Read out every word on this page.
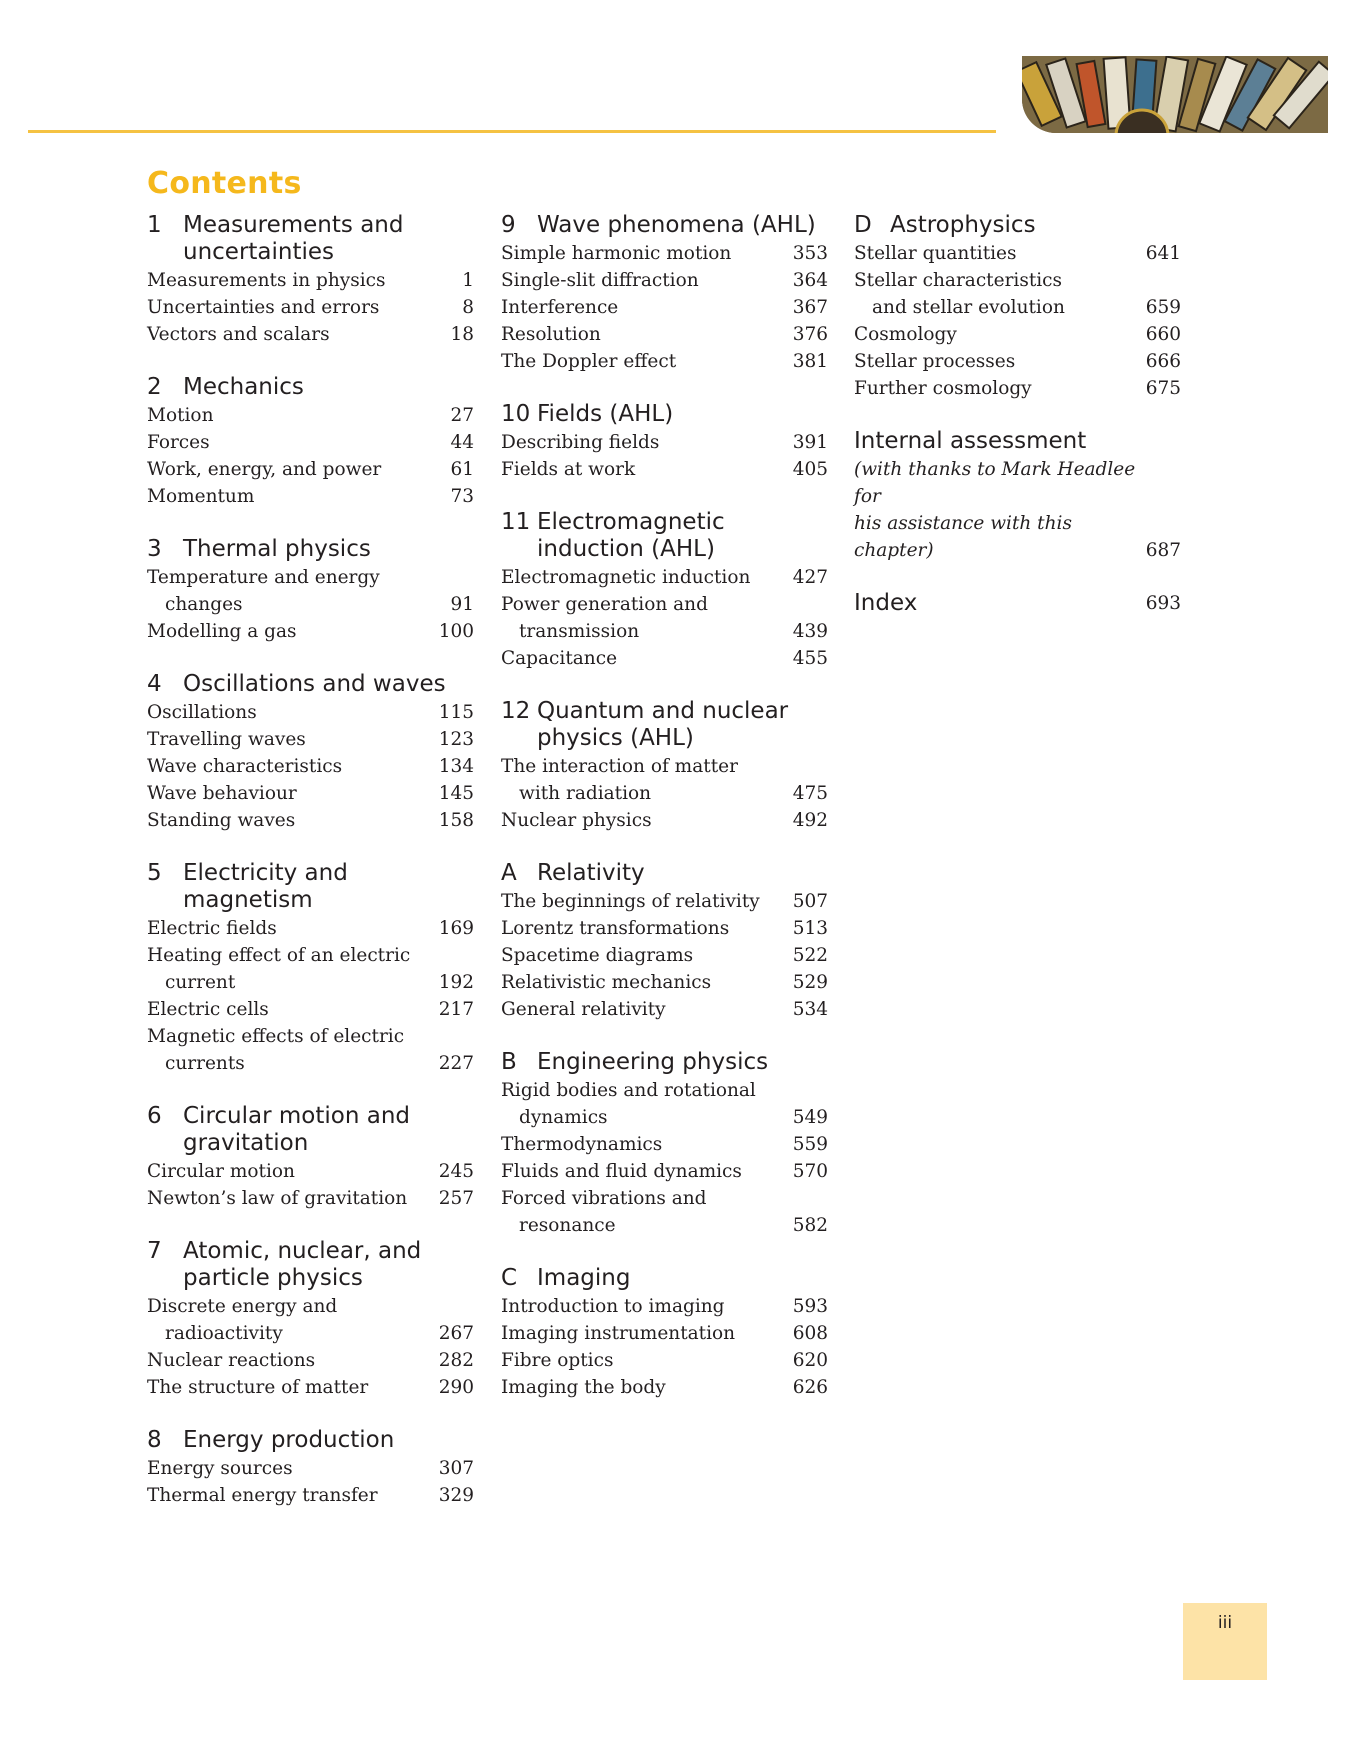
Contents
1 Measurements and uncertainties
Measurements in physics	1
Uncertainties and errors	8
Vectors and scalars	18
2 Mechanics
Motion	27
Forces	44
Work, energy, and power	61
Momentum	73
3 Thermal physics
Temperature and energy
changes	91
Modelling a gas	100
4 Oscillations and waves
Oscillations	115
Travelling waves	123
Wave characteristics	134
Wave behaviour	145
Standing waves	158
5 Electricity and magnetism
Electric fields	169
Heating effect of an electric
current	192
Electric cells	217
Magnetic effects of electric
currents	227
6 Circular motion and gravitation
Circular motion	245
Newton’s law of gravitation	257
7 Atomic, nuclear, and particle physics
Discrete energy and
radioactivity	267
Nuclear reactions	282
The structure of matter	290
8 Energy production
Energy sources	307
Thermal energy transfer	329
9 Wave phenomena (AHL)
Simple harmonic motion	353
Single-slit diffraction	364
Interference	367
Resolution	376
The Doppler effect	381
10 Fields (AHL)
Describing fields	391
Fields at work	405
11 Electromagnetic induction (AHL)
Electromagnetic induction	427
Power generation and
transmission	439
Capacitance	455
12 Quantum and nuclear physics (AHL)
The interaction of matter
with radiation	475
Nuclear physics	492
A Relativity
The beginnings of relativity	507
Lorentz transformations	513
Spacetime diagrams	522
Relativistic mechanics	529
General relativity	534
B Engineering physics
Rigid bodies and rotational
dynamics	549
Thermodynamics	559
Fluids and fluid dynamics	570
Forced vibrations and
resonance	582
C Imaging
Introduction to imaging	593
Imaging instrumentation	608
Fibre optics	620
Imaging the body	626
D Astrophysics
Stellar quantities	641
Stellar characteristics
and stellar evolution	659
Cosmology	660
Stellar processes	666
Further cosmology	675
Internal assessment
(with thanks to Mark Headlee for
his assistance with this chapter)	687
Index	693
iii
